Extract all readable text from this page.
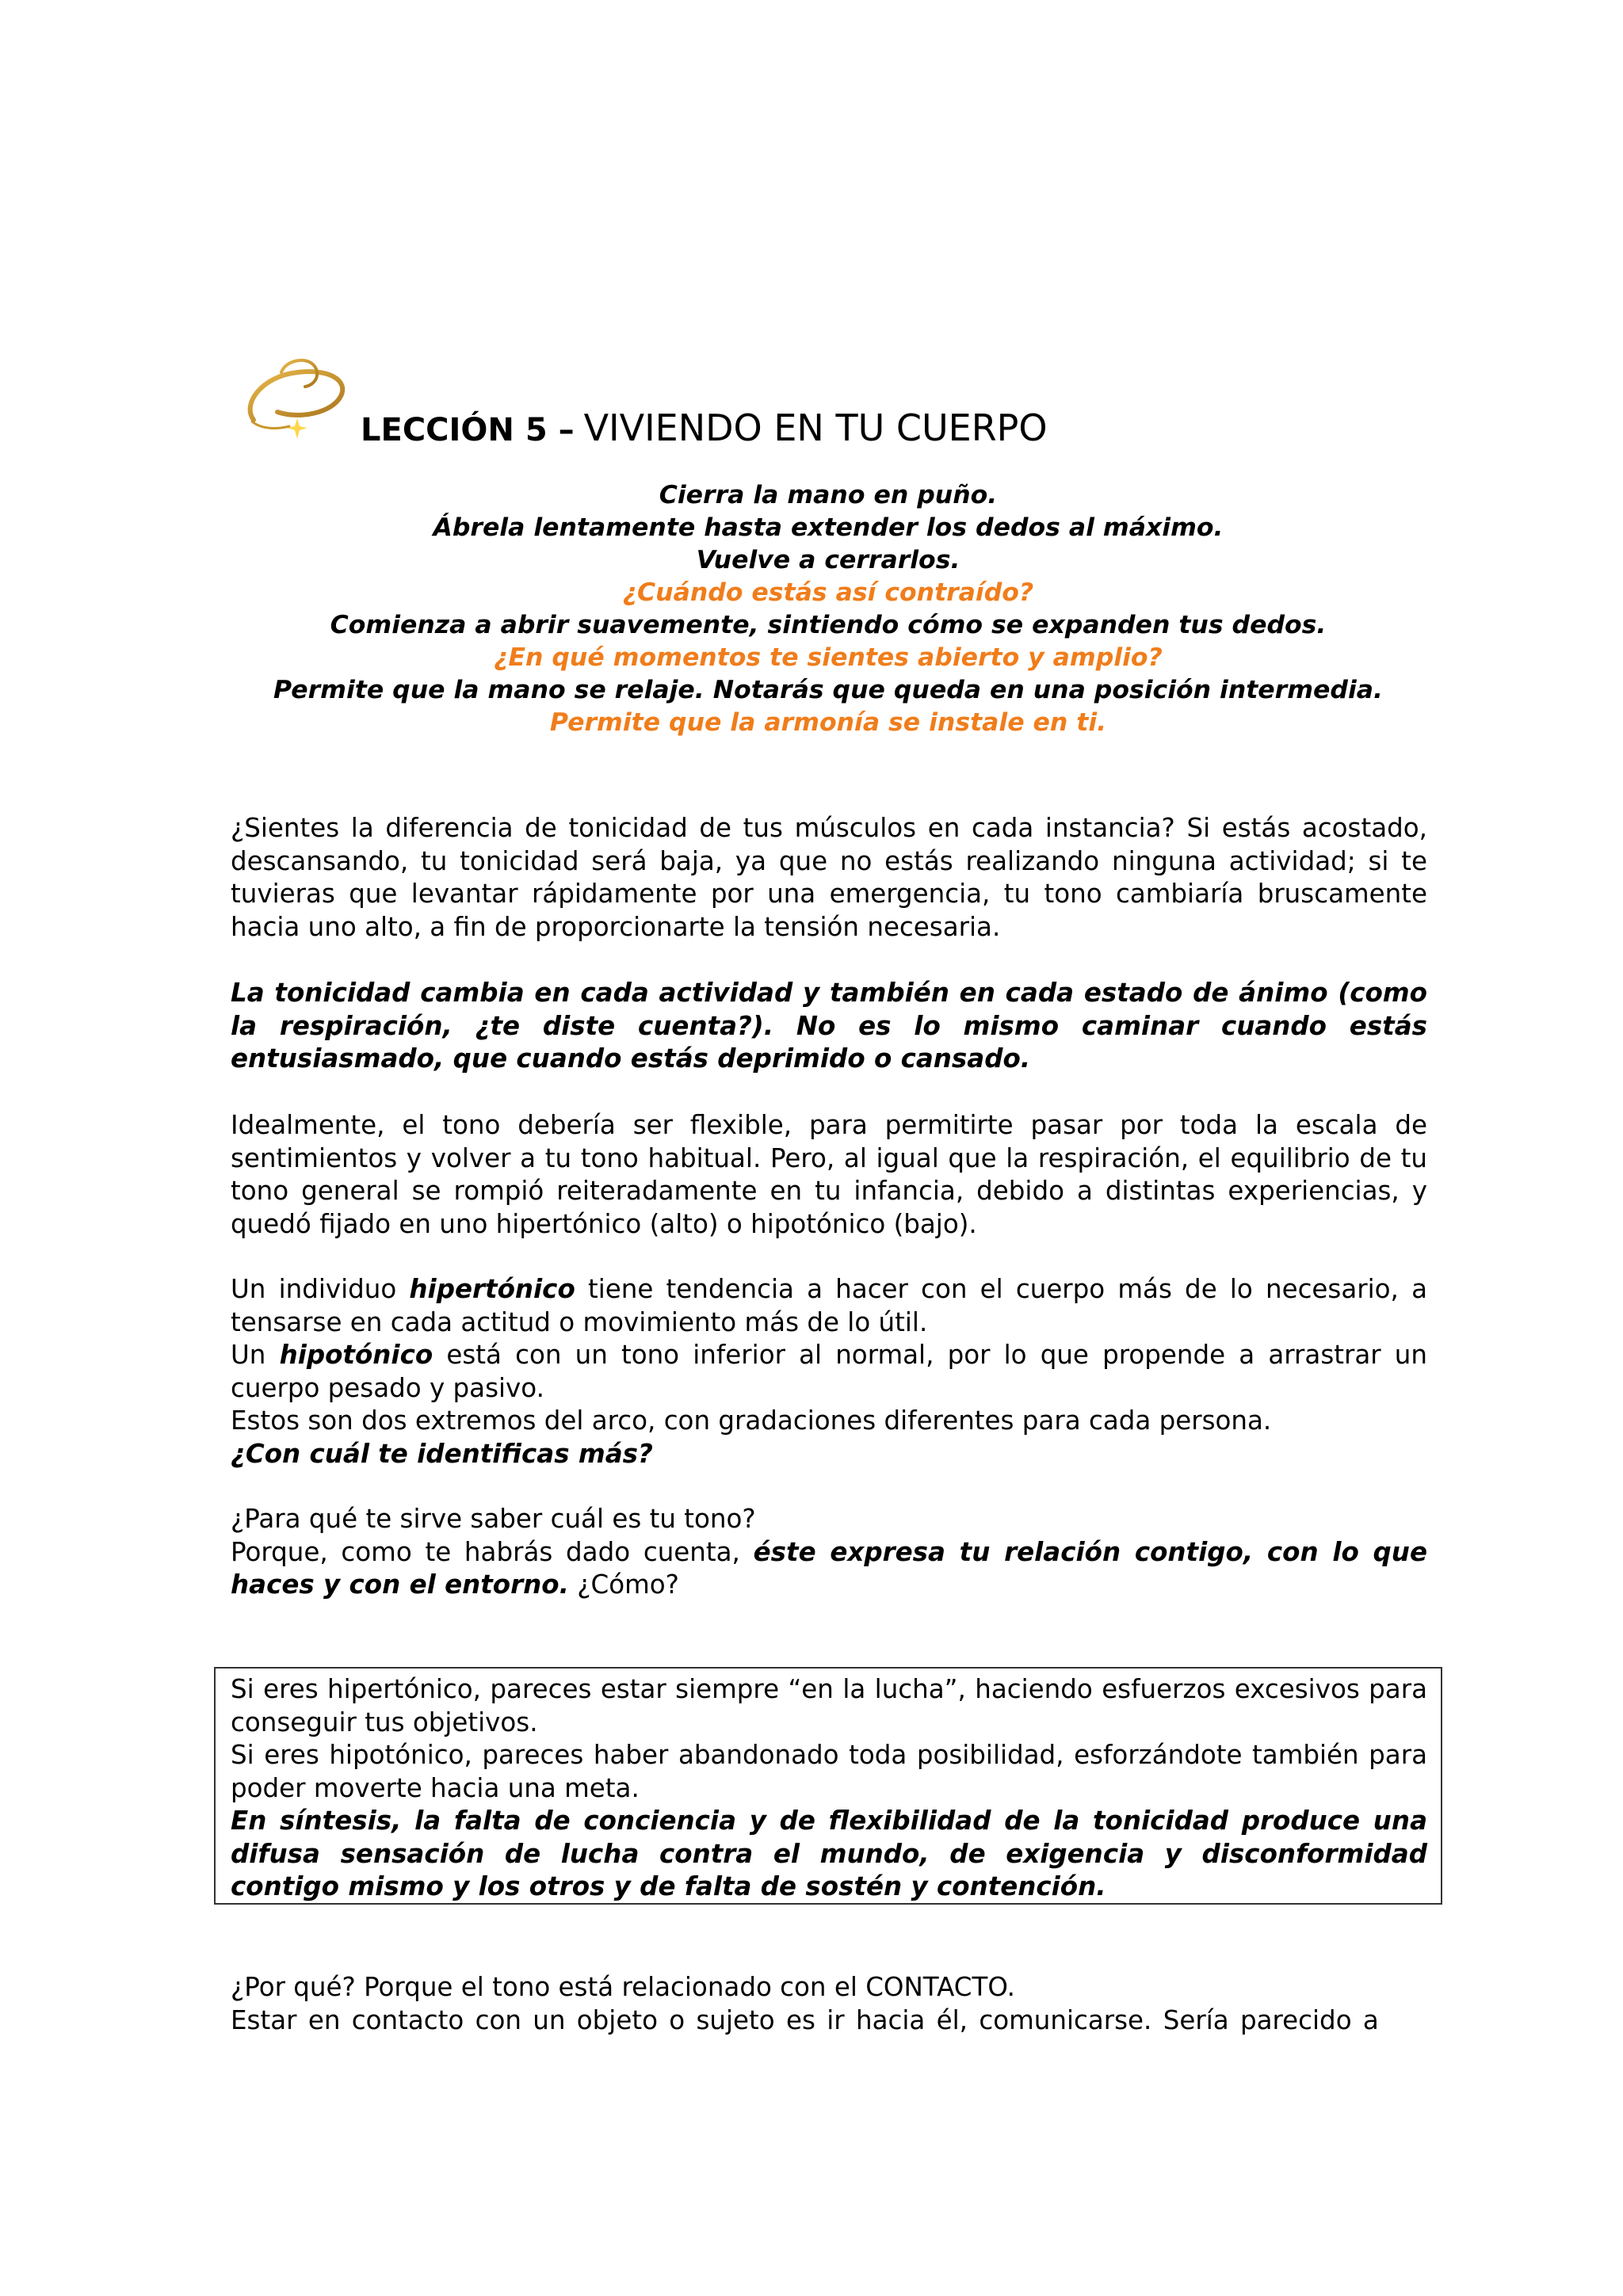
LECCIÓN 5 – VIVIENDO EN TU CUERPO
Cierra la mano en puño.
Ábrela lentamente hasta extender los dedos al máximo.
Vuelve a cerrarlos.
¿Cuándo estás así contraído?
Comienza a abrir suavemente, sintiendo cómo se expanden tus dedos.
¿En qué momentos te sientes abierto y amplio?
Permite que la mano se relaje. Notarás que queda en una posición intermedia.
Permite que la armonía se instale en ti.

¿Sientes la diferencia de tonicidad de tus músculos en cada instancia? Si estás acostado, descansando, tu tonicidad será baja, ya que no estás realizando ninguna actividad; si te tuvieras que levantar rápidamente por una emergencia, tu tono cambiaría bruscamente hacia uno alto, a fin de proporcionarte la tensión necesaria.

La tonicidad cambia en cada actividad y también en cada estado de ánimo (como la respiración, ¿te diste cuenta?). No es lo mismo caminar cuando estás entusiasmado, que cuando estás deprimido o cansado.

Idealmente, el tono debería ser flexible, para permitirte pasar por toda la escala de sentimientos y volver a tu tono habitual. Pero, al igual que la respiración, el equilibrio de tu tono general se rompió reiteradamente en tu infancia, debido a distintas experiencias, y quedó fijado en uno hipertónico (alto) o hipotónico (bajo).

Un individuo hipertónico tiene tendencia a hacer con el cuerpo más de lo necesario, a tensarse en cada actitud o movimiento más de lo útil.

Un hipotónico está con un tono inferior al normal, por lo que propende a arrastrar un cuerpo pesado y pasivo.

Estos son dos extremos del arco, con gradaciones diferentes para cada persona.

¿Con cuál te identificas más?

¿Para qué te sirve saber cuál es tu tono?

Porque, como te habrás dado cuenta, éste expresa tu relación contigo, con lo que haces y con el entorno. ¿Cómo?

Si eres hipertónico, pareces estar siempre “en la lucha”, haciendo esfuerzos excesivos para conseguir tus objetivos.

Si eres hipotónico, pareces haber abandonado toda posibilidad, esforzándote también para poder moverte hacia una meta.

En síntesis, la falta de conciencia y de flexibilidad de la tonicidad produce una difusa sensación de lucha contra el mundo, de exigencia y disconformidad contigo mismo y los otros y de falta de sostén y contención.

¿Por qué? Porque el tono está relacionado con el CONTACTO.

Estar en contacto con un objeto o sujeto es ir hacia él, comunicarse. Sería parecido a
